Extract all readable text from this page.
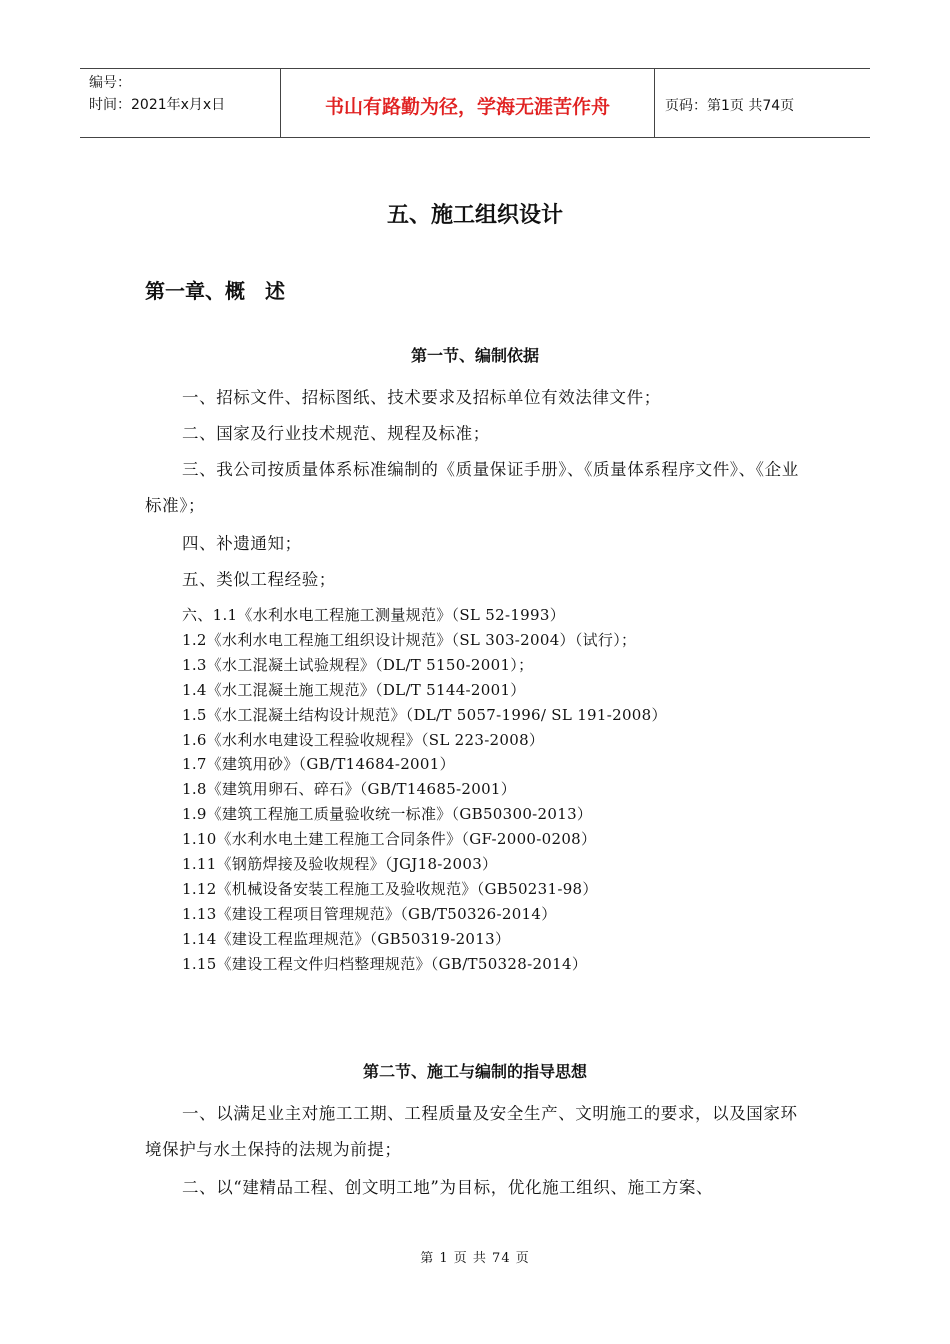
编号：
时间：2021年x月x日	书山有路勤为径，学海无涯苦作舟	页码：第1页 共74页
五、施工组织设计
第一章、概　述
第一节、编制依据
一、招标文件、招标图纸、技术要求及招标单位有效法律文件；
二、国家及行业技术规范、规程及标准；
三、我公司按质量体系标准编制的《质量保证手册》、《质量体系程序文件》、《企业标准》；
四、补遗通知；
五、类似工程经验；
六、1.1《水利水电工程施工测量规范》（SL 52-1993）
1.2《水利水电工程施工组织设计规范》（SL 303-2004）（试行）；
1.3《水工混凝土试验规程》（DL/T 5150-2001）；
1.4《水工混凝土施工规范》（DL/T 5144-2001）
1.5《水工混凝土结构设计规范》（DL/T 5057-1996/ SL 191-2008）
1.6《水利水电建设工程验收规程》（SL 223-2008）
1.7《建筑用砂》（GB/T14684-2001）
1.8《建筑用卵石、碎石》（GB/T14685-2001）
1.9《建筑工程施工质量验收统一标准》（GB50300-2013）
1.10《水利水电土建工程施工合同条件》（GF-2000-0208）
1.11《钢筋焊接及验收规程》（JGJ18-2003）
1.12《机械设备安装工程施工及验收规范》（GB50231-98）
1.13《建设工程项目管理规范》（GB/T50326-2014）
1.14《建设工程监理规范》（GB50319-2013）
1.15《建设工程文件归档整理规范》（GB/T50328-2014）
第二节、施工与编制的指导思想
一、以满足业主对施工工期、工程质量及安全生产、文明施工的要求，以及国家环境保护与水土保持的法规为前提；
二、以“建精品工程、创文明工地”为目标，优化施工组织、施工方案、
第 1 页 共 74 页
